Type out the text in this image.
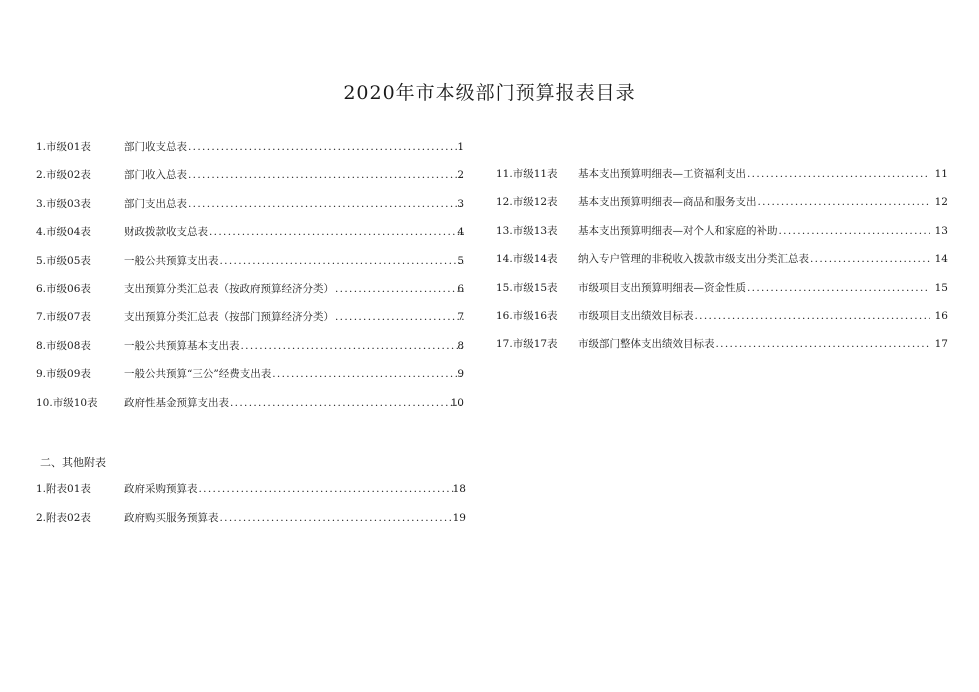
2020年市本级部门预算报表目录
1.市级01表	部门收支总表 . . .	1
2.市级02表	部门收入总表 . . .	2
3.市级03表	部门支出总表 . . .	3
4.市级04表	财政拨款收支总表 . . .	4
5.市级05表	一般公共预算支出表 . . .	5
6.市级06表	支出预算分类汇总表（按政府预算经济分类） . . .	6
7.市级07表	支出预算分类汇总表（按部门预算经济分类） . . .	7
8.市级08表	一般公共预算基本支出表 . . .	8
9.市级09表	一般公共预算“三公”经费支出表 . . .	9
10.市级10表	政府性基金预算支出表 . . .	10
11.市级11表 基本支出预算明细表—工资福利支出 . . .	11
12.市级12表 基本支出预算明细表—商品和服务支出 . . .	12
13.市级13表 基本支出预算明细表—对个人和家庭的补助 . . .	13
14.市级14表 纳入专户管理的非税收入拨款市级支出分类汇总表 . . .	14
15.市级15表 市级项目支出预算明细表—资金性质 . . .	15
16.市级16表 市级项目支出绩效目标表 . . .	16
17.市级17表 市级部门整体支出绩效目标表 . . .	17
二、其他附表
1.附表01表	政府采购预算表 . . .	18
2.附表02表	政府购买服务预算表 . . .	19
